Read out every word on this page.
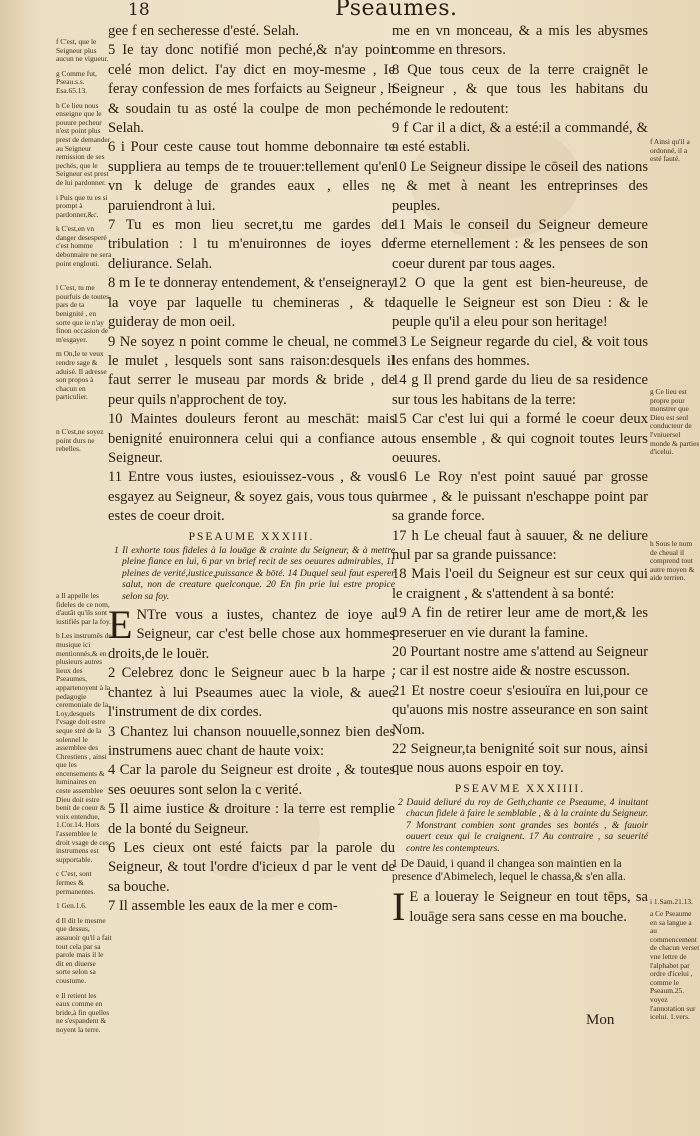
18	Pseaumes.

f C'est, que le Seigneur plus aucun ne vigueur.

g Comme fut, Pseau.s.s. Esa.65.13.

h Ce lieu nous enseigne que le pouure pecheur n'est point plus prest de demander au Seigneur remission de ses pechés, que le Seigneur est prest de lui pardonner.

i Puis que tu es si prompt à pardonner,&c.

k C'est,en vn danger desesperé c'est homme debonnaire ne sera point englouti.

l C'est, tu me pourfuis de toutes pars de ta benignité , en sorte que ie n'ay finon occasion de m'esgayer.

m On,Ie te veux rendre sage & aduisé. Il adresse son propos à chacun en particulier.

n C'est,ne soyez point durs ne rebelles.

a Il appelle les fideles de ce nom, d'autāt qu'ils sont iustifiés par la foy.

b Les instrumēs de musique ici mentionnés,& en plusieurs autres lieux des Pseaumes, appartenoyent à la pedagogie ceremoniale de la Loy,desquels l'vsage doit estre seque stré de la solennel le assemblee des Chrestiens , ainsi que les encensements & luminaires en ceste assemblee Dieu doit estre benit de coeur & voix entendue, 1.Cor.14. Hors l'assemblee le droit vsage de ces instrumens est supportable.

c C'est, sont fermes & permanentes.

1 Gen.1.6.

d Il dit le mesme que dessus, assauoir qu'il a fait tout cela par sa parole mais il le dit en diuerse sorte selon sa coustume.

e Il retient les eaux comme en bride,à fin quelles ne s'espandent & noyent la terre.

gee f en secheresse d'esté. Selah.

5 Ie tay donc notifié mon peché,& n'ay point celé mon delict. I'ay dict en moy-mesme , Ie feray confession de mes forfaicts au Seigneur , h & soudain tu as osté la coulpe de mon peché. Selah.

6 i Pour ceste cause tout homme debonnaire te suppliera au temps de te trouuer:tellement qu'en vn k deluge de grandes eaux , elles ne paruiendront à lui.

7 Tu es mon lieu secret,tu me gardes de tribulation : l tu m'enuironnes de ioyes de deliurance. Selah.

8 m Ie te donneray entendement, & t'enseigneray la voye par laquelle tu chemineras , & te guideray de mon oeil.

9 Ne soyez n point comme le cheual, ne comme le mulet , lesquels sont sans raison:desquels il faut serrer le museau par mords & bride , de peur quils n'approchent de toy.

10 Maintes douleurs feront au meschāt: mais benignité enuironnera celui qui a confiance au Seigneur.

11 Entre vous iustes, esiouissez-vous , & vous esgayez au Seigneur, & soyez gais, vous tous qui estes de coeur droit.

PSEAUME XXXIII.

1 Il exhorte tous fideles à la louāge & crainte du Seigneur, & à mettre pleine fiance en lui, 6 par vn brief recit de ses oeuures admirables, 11 pleines de verité,iustice,puissance & bōté. 14 Duquel seul faut esperer salut, non de creature quelconque. 20 En fin prie lui estre propice selon sa foy.

E NTre vous a iustes, chantez de ioye au Seigneur, car c'est belle chose aux hommes droits,de le louër.

2 Celebrez donc le Seigneur auec b la harpe , chantez à lui Pseaumes auec la viole, & auec l'instrument de dix cordes.

3 Chantez lui chanson nouuelle,sonnez bien des instrumens auec chant de haute voix:

4 Car la parole du Seigneur est droite , & toutes ses oeuures sont selon la c verité.

5 Il aime iustice & droiture : la terre est remplie de la bonté du Seigneur.

6 Les cieux ont esté faicts par la parole du Seigneur, & tout l'ordre d'icieux d par le vent de sa bouche.

7 Il assemble les eaux de la mer e com-

me en vn monceau, & a mis les abysmes comme en thresors.

8 Que tous ceux de la terre craignēt le Seigneur , & que tous les habitans du monde le redoutent:

9 f Car il a dict, & a esté:il a commandé, & a esté establi.

10 Le Seigneur dissipe le cōseil des nations , & met à neant les entreprinses des peuples.

11 Mais le conseil du Seigneur demeure ferme eternellement : & les pensees de son coeur durent par tous aages.

12 O que la gent est bien-heureuse, de laquelle le Seigneur est son Dieu : & le peuple qu'il a eleu pour son heritage!

13 Le Seigneur regarde du ciel, & voit tous les enfans des hommes.

14 g Il prend garde du lieu de sa residence sur tous les habitans de la terre:

15 Car c'est lui qui a formé le coeur deux tous ensemble , & qui cognoit toutes leurs oeuures.

16 Le Roy n'est point sauué par grosse armee , & le puissant n'eschappe point par sa grande force.

17 h Le cheual faut à sauuer, & ne deliure nul par sa grande puissance:

18 Mais l'oeil du Seigneur est sur ceux qui le craignent , & s'attendent à sa bonté:

19 A fin de retirer leur ame de mort,& les preseruer en vie durant la famine.

20 Pourtant nostre ame s'attend au Seigneur : car il est nostre aide & nostre escusson.

21 Et nostre coeur s'esiouïra en lui,pour ce qu'auons mis nostre asseurance en son saint Nom.

22 Seigneur,ta benignité soit sur nous, ainsi que nous auons espoir en toy.

PSEAVME XXXIIII.

2 Dauid deliuré du roy de Geth,chante ce Pseaume, 4 inuitant chacun fidele à faire le semblable , & à la crainte du Seigneur. 7 Monstrant combien sont grandes ses bontés , & fauoir ouuert ceux qui le craignent. 17 Au contraire , sa seuerité contre les contempteurs.

1 De Dauid, i quand il changea son maintien en la presence d'Abimelech, lequel le chassa,& s'en alla.

I E a loueray le Seigneur en tout tēps, sa louāge sera sans cesse en ma bouche.

f Ainsi qu'il a ordonné, il a esté fauté.
g Ce lieu est propre pour monstrer que Dieu est seul conducteur de l'vniuersel monde & parties d'icelui.
h Sous le nom de cheual il comprend tout autre moyen & aide terrien.
i 1.Sam.21.13.
a Ce Pseaume en sa langue a au commencement de chacun verset vne lettre de l'alphabet par ordre d'icelui , comme le Pseaum.25. voyez l'annotation sur icelui. 1.vers.
Mon
